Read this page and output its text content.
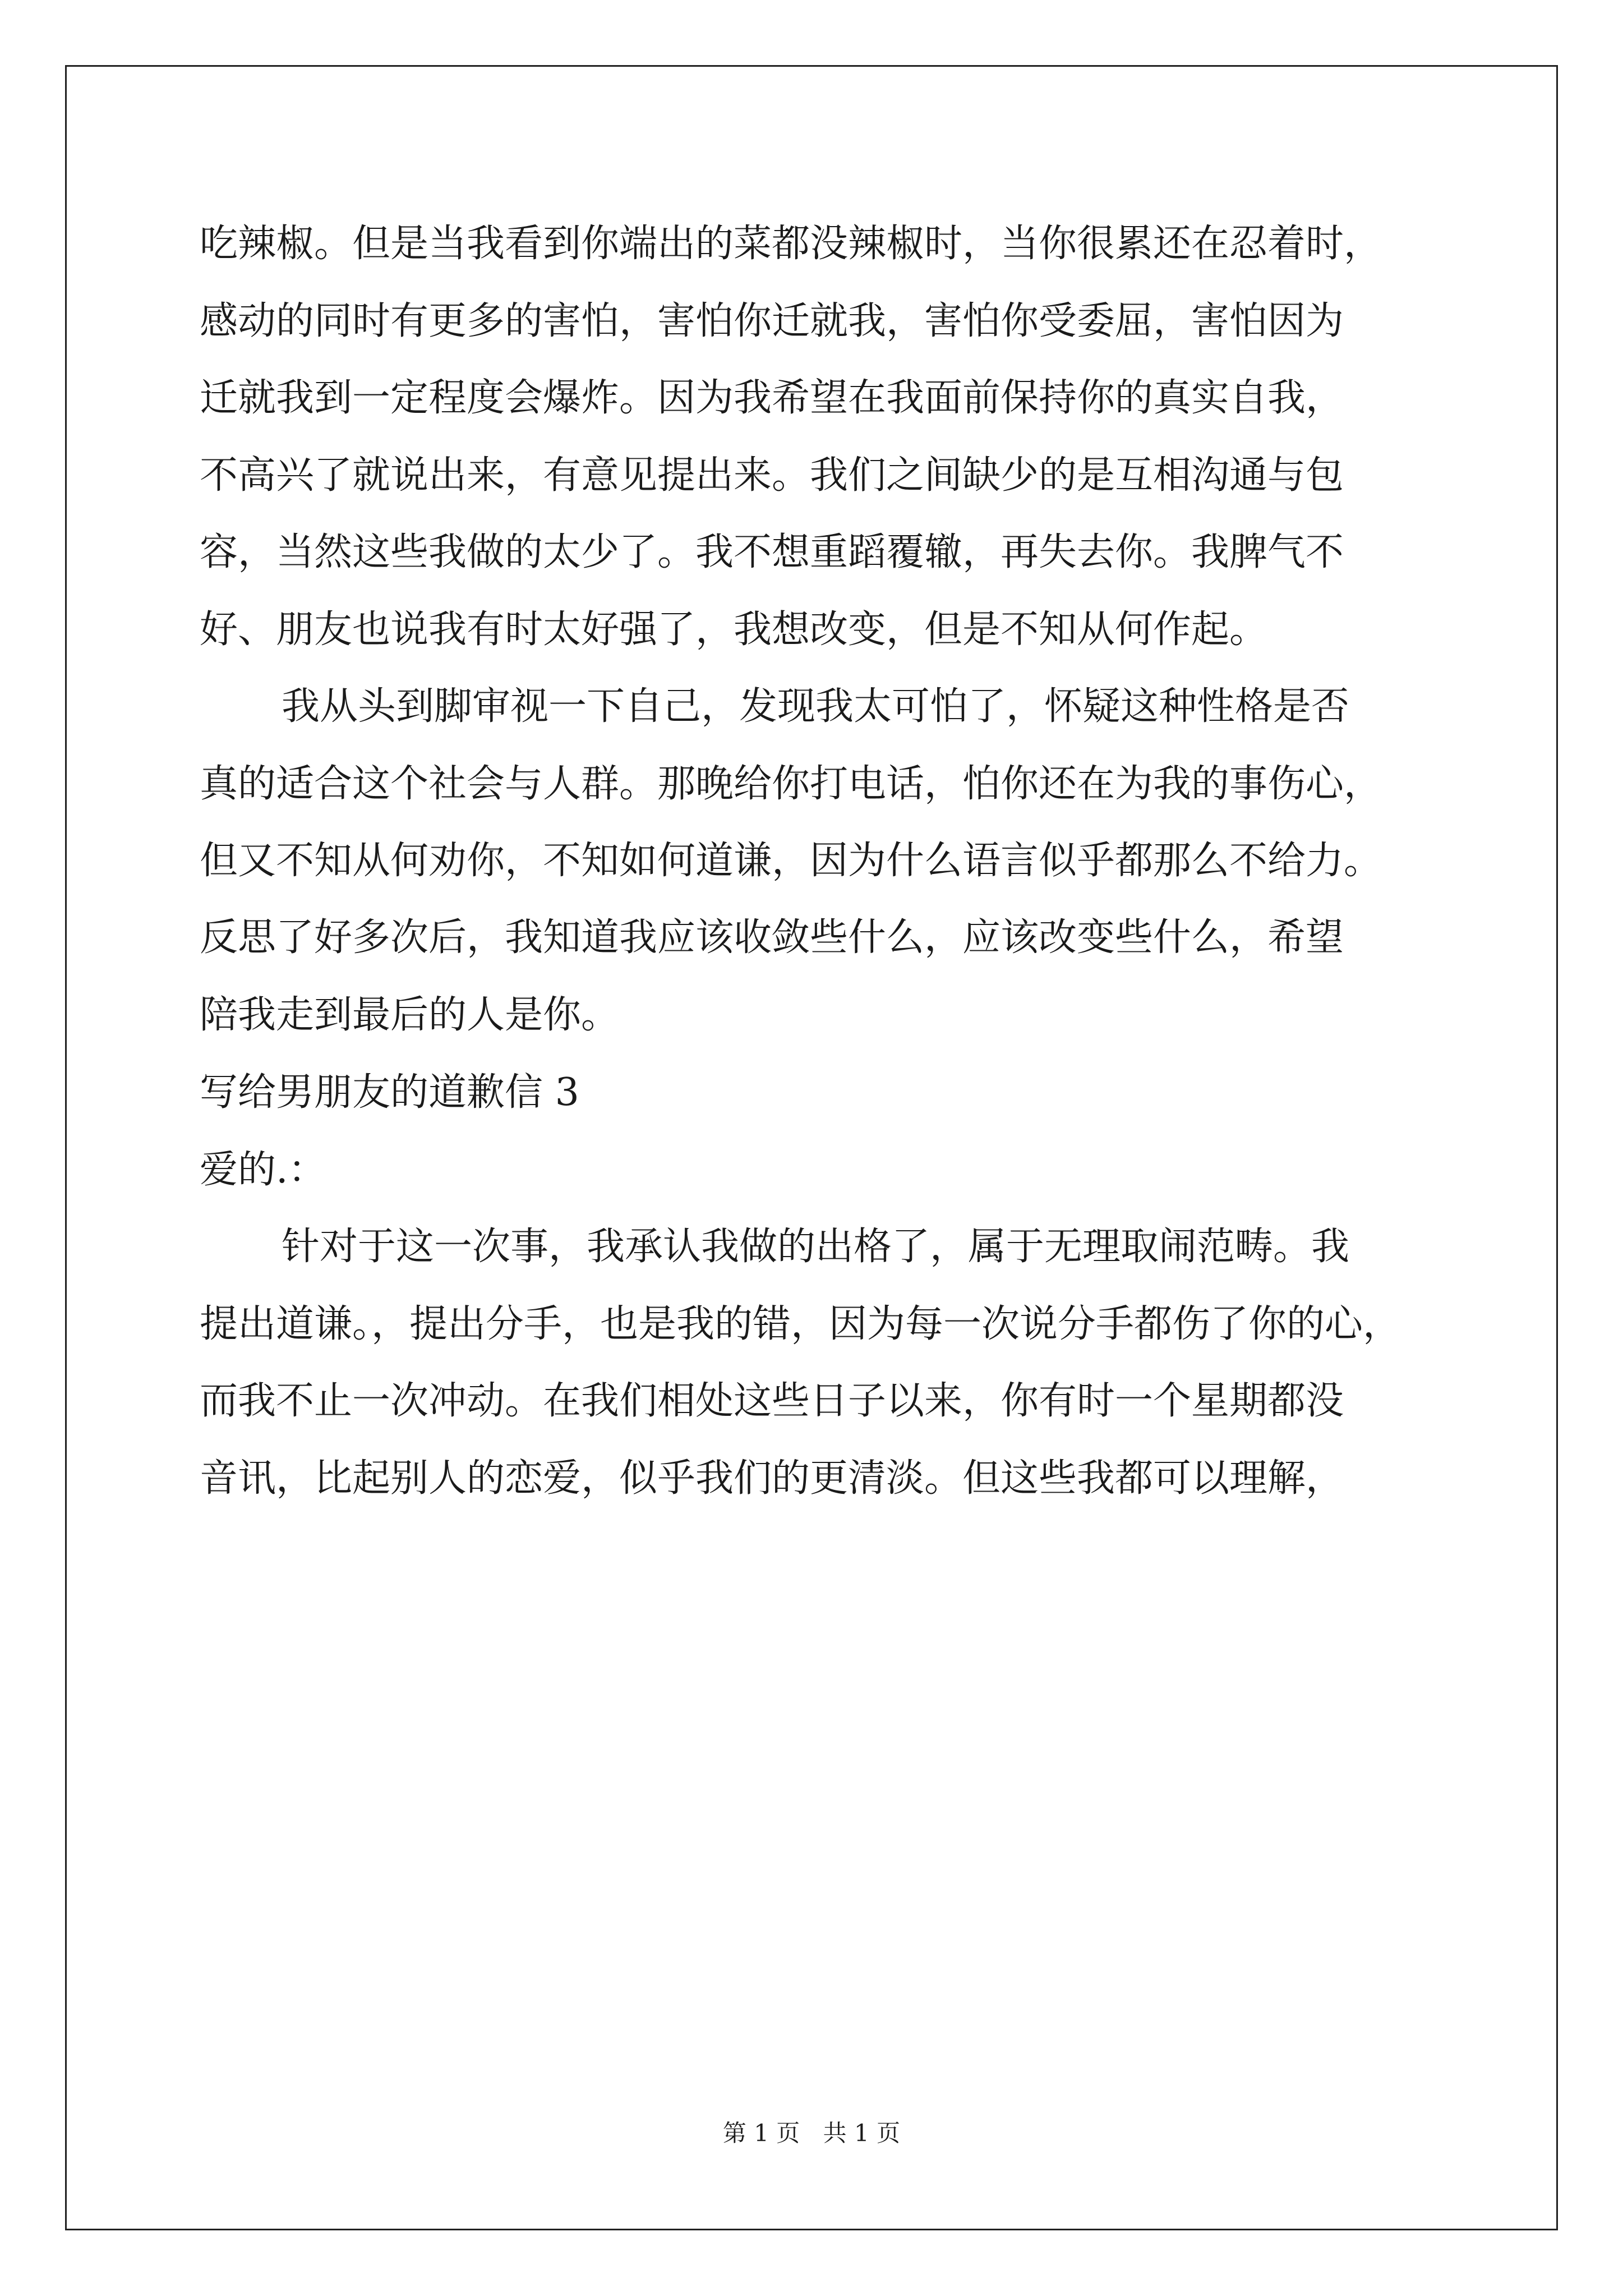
吃辣椒。但是当我看到你端出的菜都没辣椒时，当你很累还在忍着时，
感动的同时有更多的害怕，害怕你迁就我，害怕你受委屈，害怕因为
迁就我到一定程度会爆炸。因为我希望在我面前保持你的真实自我，
不高兴了就说出来，有意见提出来。我们之间缺少的是互相沟通与包
容，当然这些我做的太少了。我不想重蹈覆辙，再失去你。我脾气不
好、朋友也说我有时太好强了，我想改变，但是不知从何作起。
我从头到脚审视一下自己，发现我太可怕了，怀疑这种性格是否
真的适合这个社会与人群。那晚给你打电话，怕你还在为我的事伤心，
但又不知从何劝你，不知如何道谦，因为什么语言似乎都那么不给力。
反思了好多次后，我知道我应该收敛些什么，应该改变些什么，希望
陪我走到最后的人是你。
写给男朋友的道歉信 3
爱的.：
针对于这一次事，我承认我做的出格了，属于无理取闹范畴。我
提出道谦。，提出分手，也是我的错，因为每一次说分手都伤了你的心，
而我不止一次冲动。在我们相处这些日子以来，你有时一个星期都没
音讯，比起别人的恋爱，似乎我们的更清淡。但这些我都可以理解，
第 1 页 共 1 页
